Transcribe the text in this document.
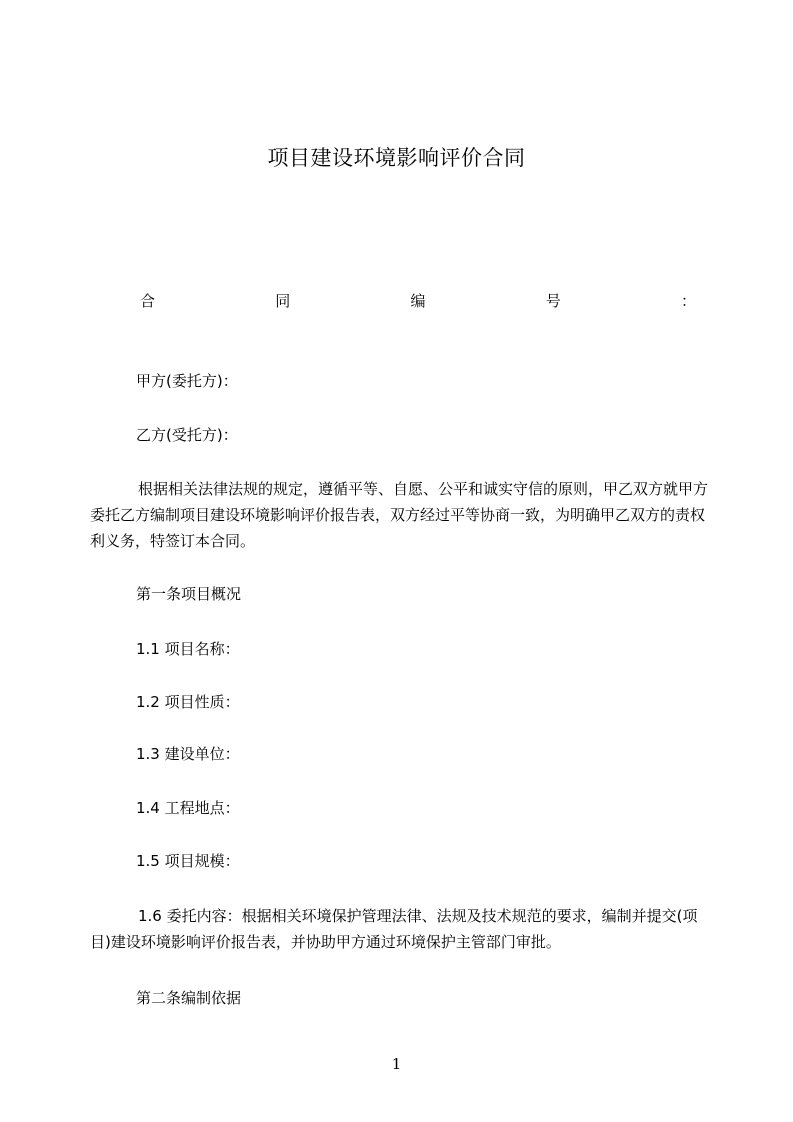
项目建设环境影响评价合同
合	同	编	号	：
甲方(委托方)：
乙方(受托方)：
根据相关法律法规的规定，遵循平等、自愿、公平和诚实守信的原则，甲乙双方就甲方委托乙方编制项目建设环境影响评价报告表，双方经过平等协商一致，为明确甲乙双方的责权利义务，特签订本合同。
第一条项目概况
1.1 项目名称：
1.2 项目性质：
1.3 建设单位：
1.4 工程地点：
1.5 项目规模：
1.6 委托内容：根据相关环境保护管理法律、法规及技术规范的要求，编制并提交(项目)建设环境影响评价报告表，并协助甲方通过环境保护主管部门审批。
第二条编制依据
1
